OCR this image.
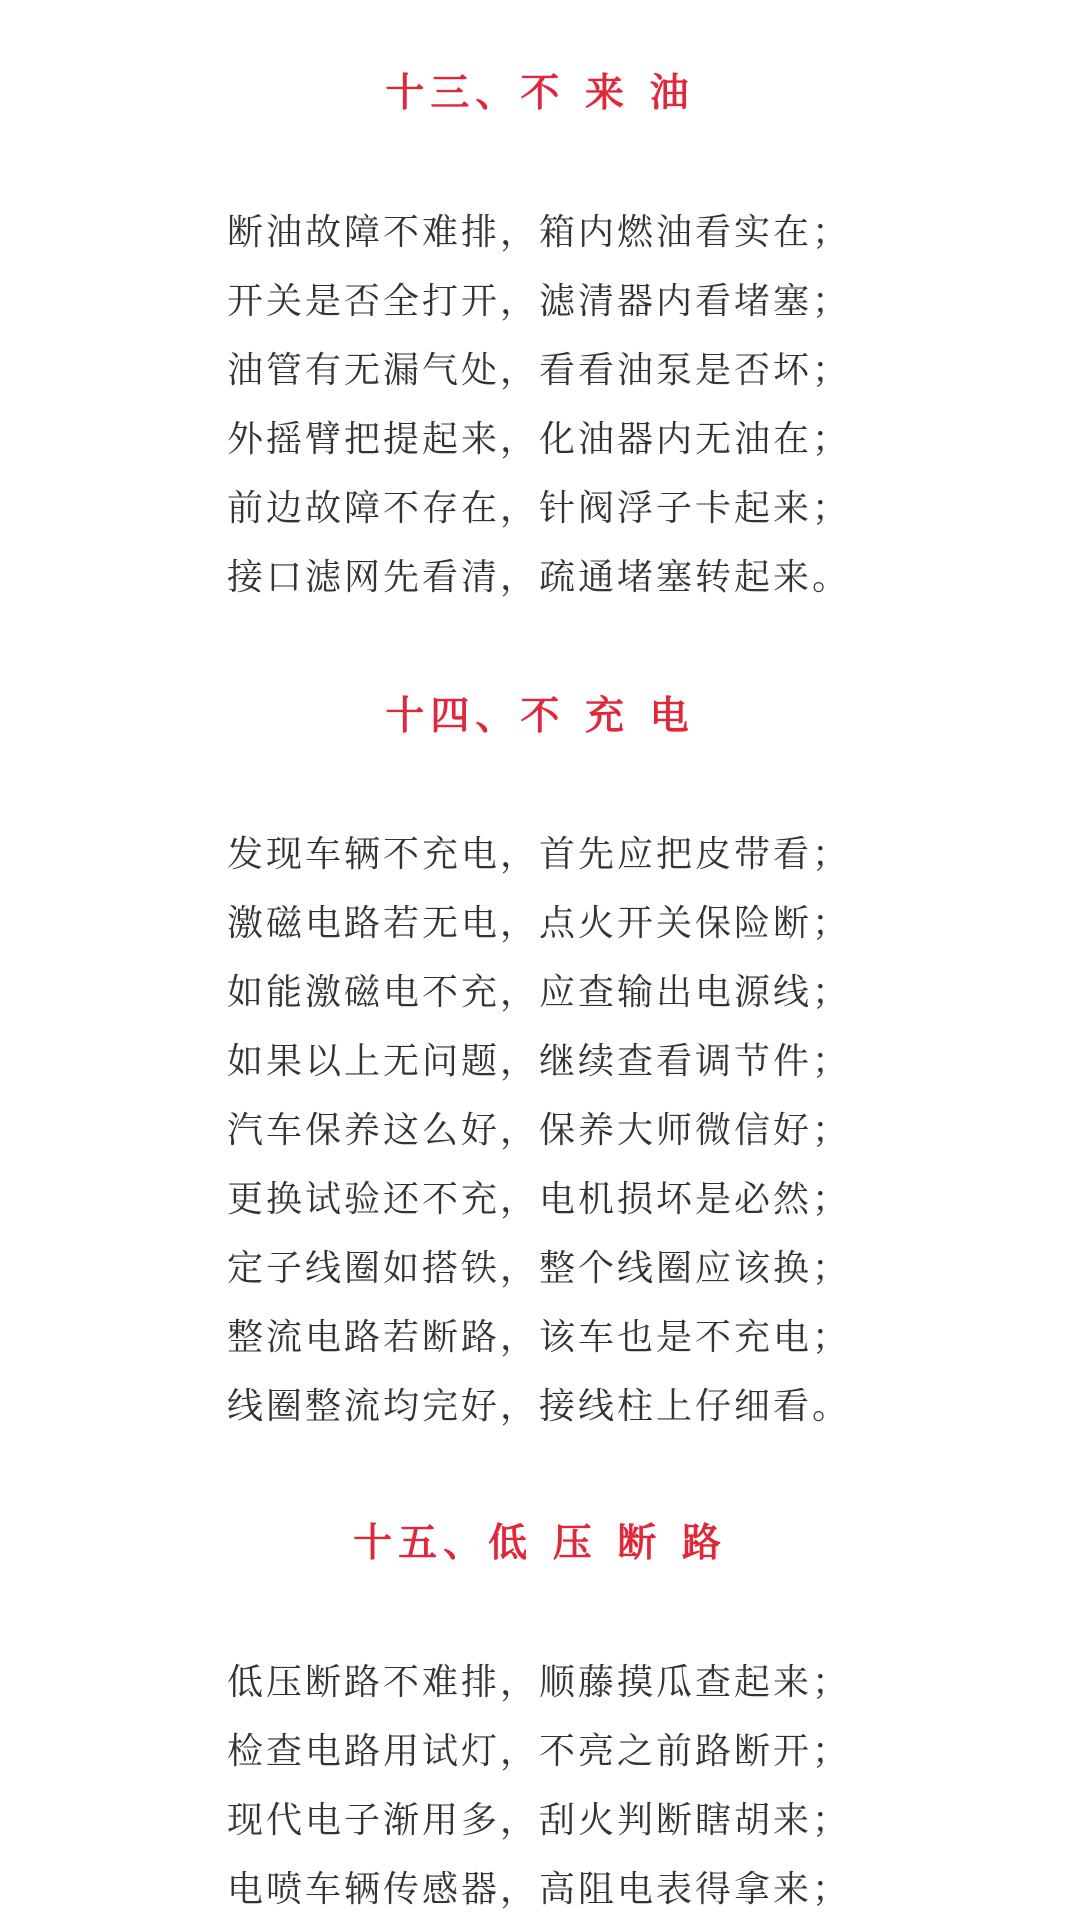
十三、不 来 油
断油故障不难排，箱内燃油看实在；
开关是否全打开，滤清器内看堵塞；
油管有无漏气处，看看油泵是否坏；
外摇臂把提起来，化油器内无油在；
前边故障不存在，针阀浮子卡起来；
接口滤网先看清，疏通堵塞转起来。
十四、不 充 电
发现车辆不充电，首先应把皮带看；
激磁电路若无电，点火开关保险断；
如能激磁电不充，应查输出电源线；
如果以上无问题，继续查看调节件；
汽车保养这么好，保养大师微信好；
更换试验还不充，电机损坏是必然；
定子线圈如搭铁，整个线圈应该换；
整流电路若断路，该车也是不充电；
线圈整流均完好，接线柱上仔细看。
十五、低 压 断 路
低压断路不难排，顺藤摸瓜查起来；
检查电路用试灯，不亮之前路断开；
现代电子渐用多，刮火判断瞎胡来；
电喷车辆传感器，高阻电表得拿来；
